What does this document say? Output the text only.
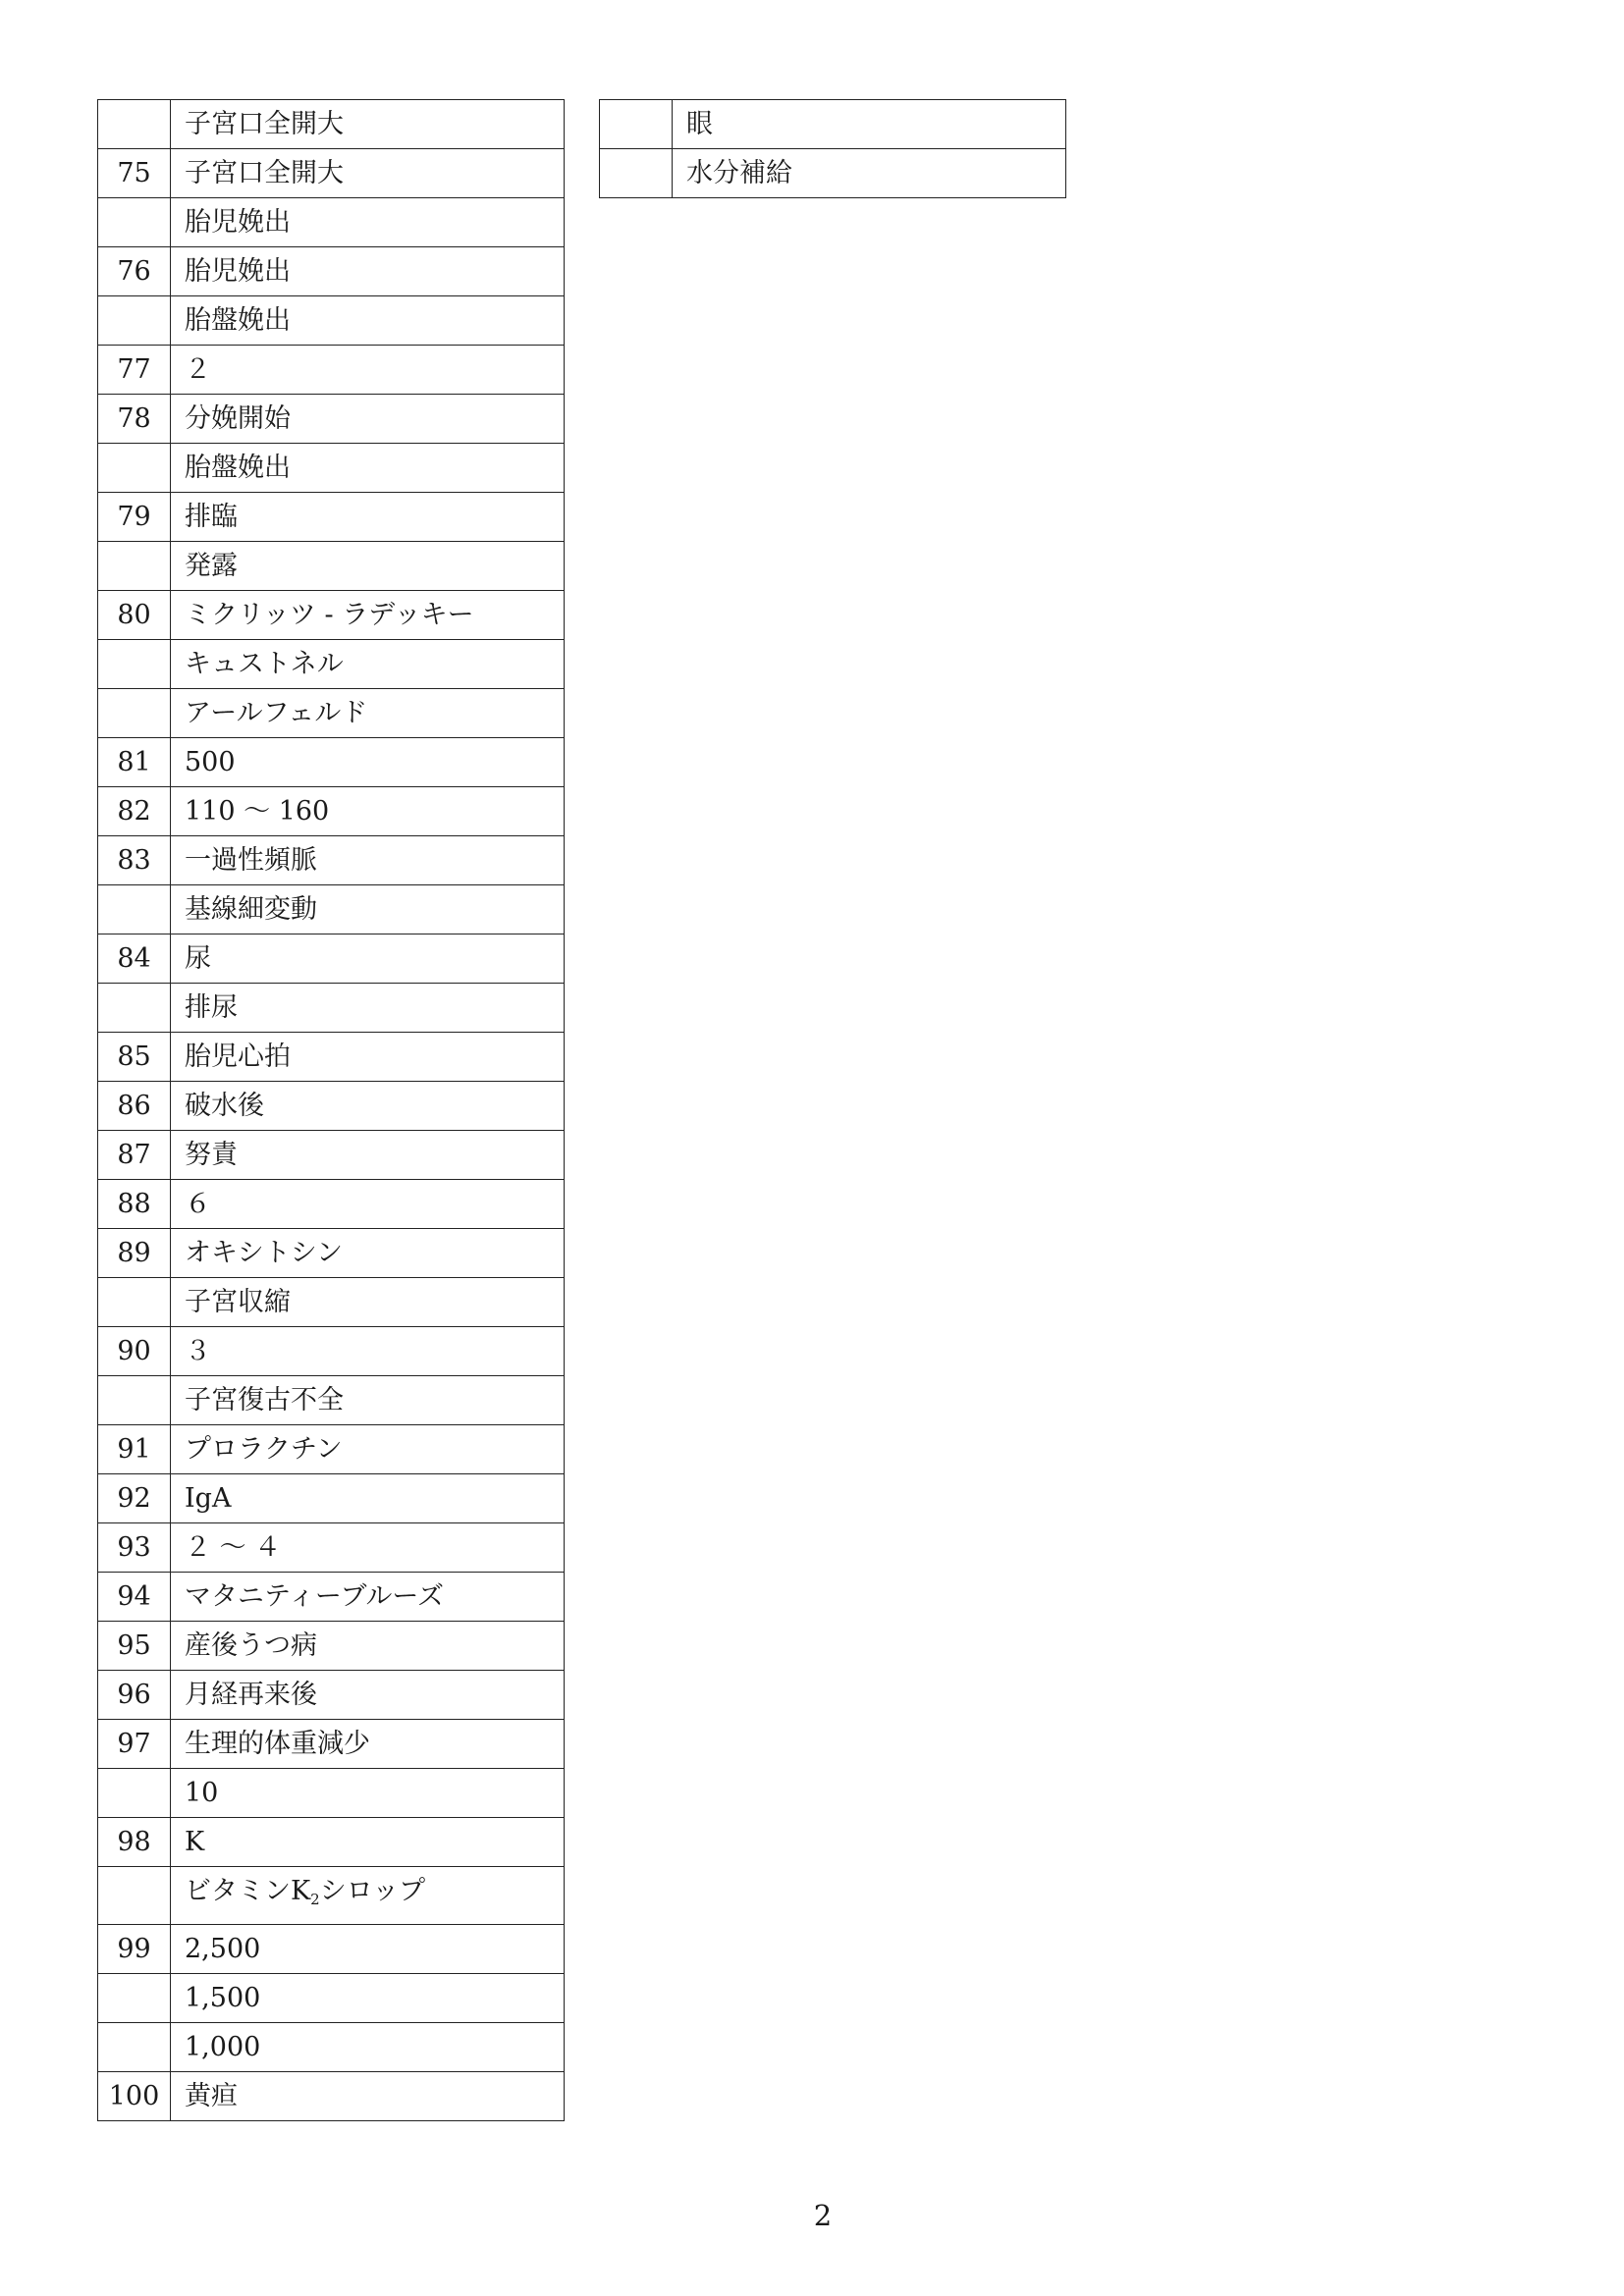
	子宮口全開大
75	子宮口全開大
	胎児娩出
76	胎児娩出
	胎盤娩出
77	２
78	分娩開始
	胎盤娩出
79	排臨
	発露
80	ミクリッツ - ラデッキー
	キュストネル
	アールフェルド
81	500
82	110 ～ 160
83	一過性頻脈
	基線細変動
84	尿
	排尿
85	胎児心拍
86	破水後
87	努責
88	６
89	オキシトシン
	子宮収縮
90	３
	子宮復古不全
91	プロラクチン
92	IgA
93	２ ～ ４
94	マタニティーブルーズ
95	産後うつ病
96	月経再来後
97	生理的体重減少
	10
98	K
	ビタミン$K_2$シロップ
99	2,500
	1,500
	1,000
100	黄疸
	眼
	水分補給
2
